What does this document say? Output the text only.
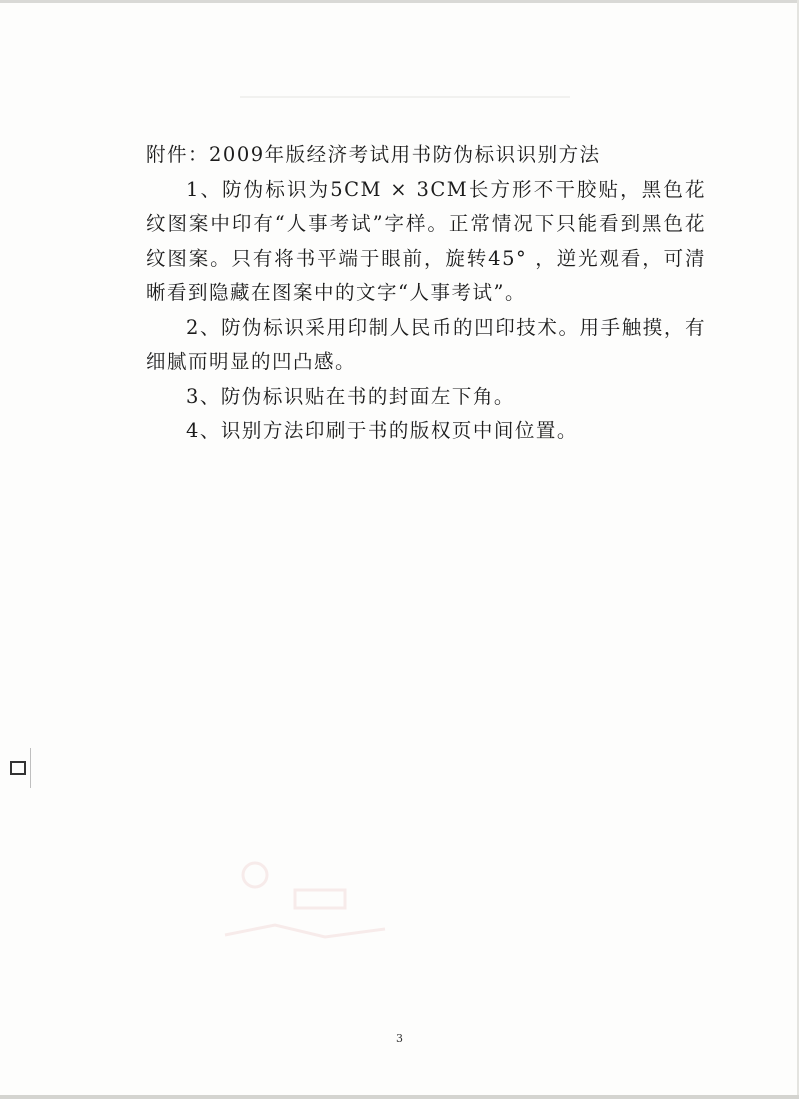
附件：2009年版经济考试用书防伪标识识别方法

1、防伪标识为5CM × 3CM长方形不干胶贴，黑色花纹图案中印有“人事考试”字样。正常情况下只能看到黑色花纹图案。只有将书平端于眼前，旋转45° ，逆光观看，可清晰看到隐藏在图案中的文字“人事考试”。

2、防伪标识采用印制人民币的凹印技术。用手触摸，有细腻而明显的凹凸感。

3、防伪标识贴在书的封面左下角。

4、识别方法印刷于书的版权页中间位置。

3
